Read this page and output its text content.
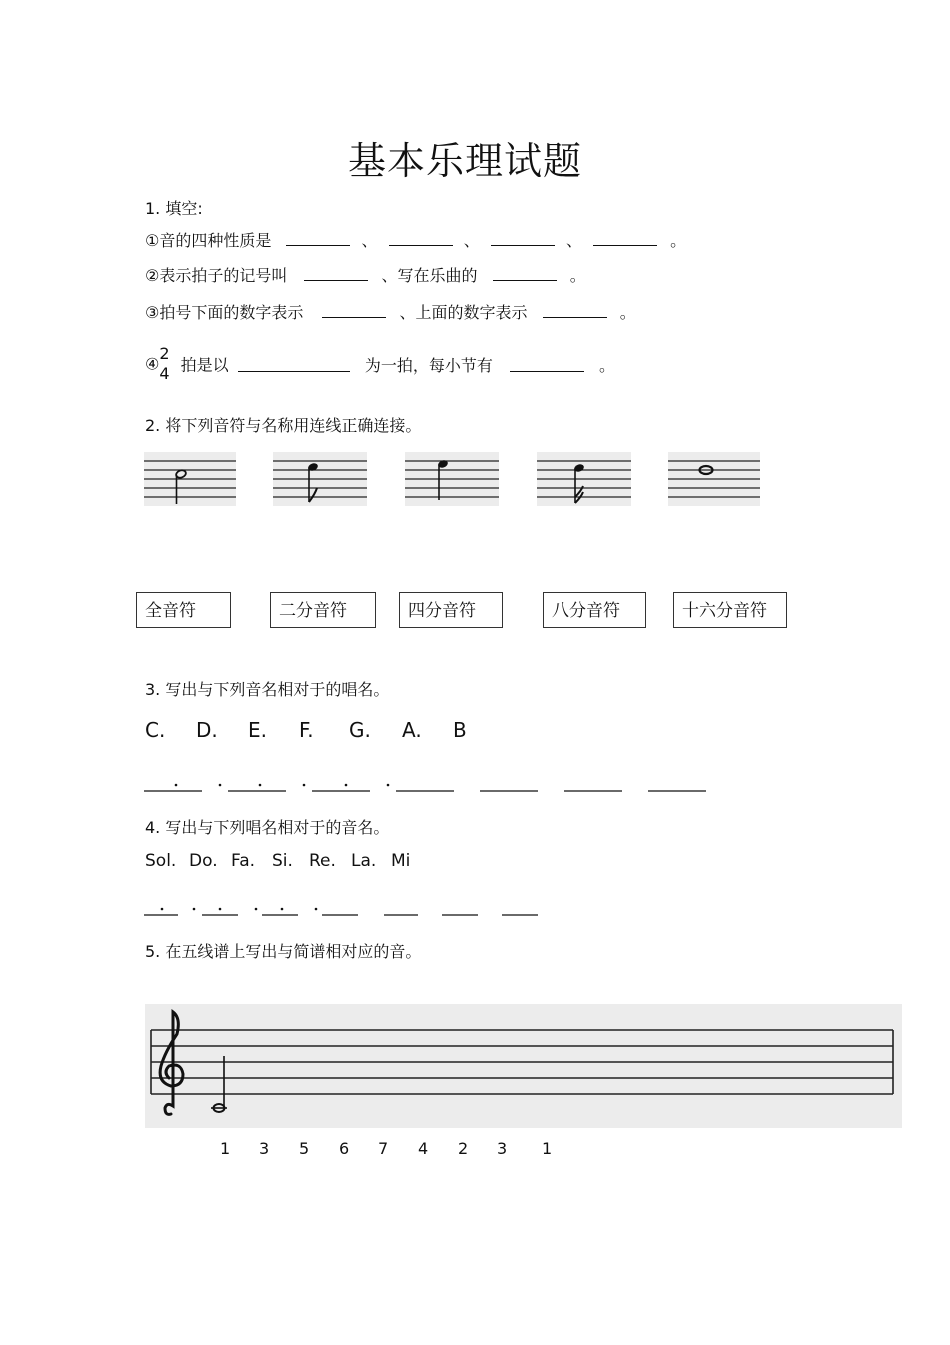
基本乐理试题
1. 填空:
①音的四种性质是	、	、	、	。
②表示拍子的记号叫	、写在乐曲的	。
③拍号下面的数字表示	、上面的数字表示	。
④
2
4 拍是以	为一拍，每小节有	。
2. 将下列音符与名称用连线正确连接。
全音符	二分音符	四分音符	八分音符	十六分音符
3. 写出与下列音名相对于的唱名。
C. D. E. F. G. A. B
4. 写出与下列唱名相对于的音名。
Sol. Do. Fa. Si. Re. La. Mi
5. 在五线谱上写出与简谱相对应的音。
1 3 5 6 7 4 2 3 1
